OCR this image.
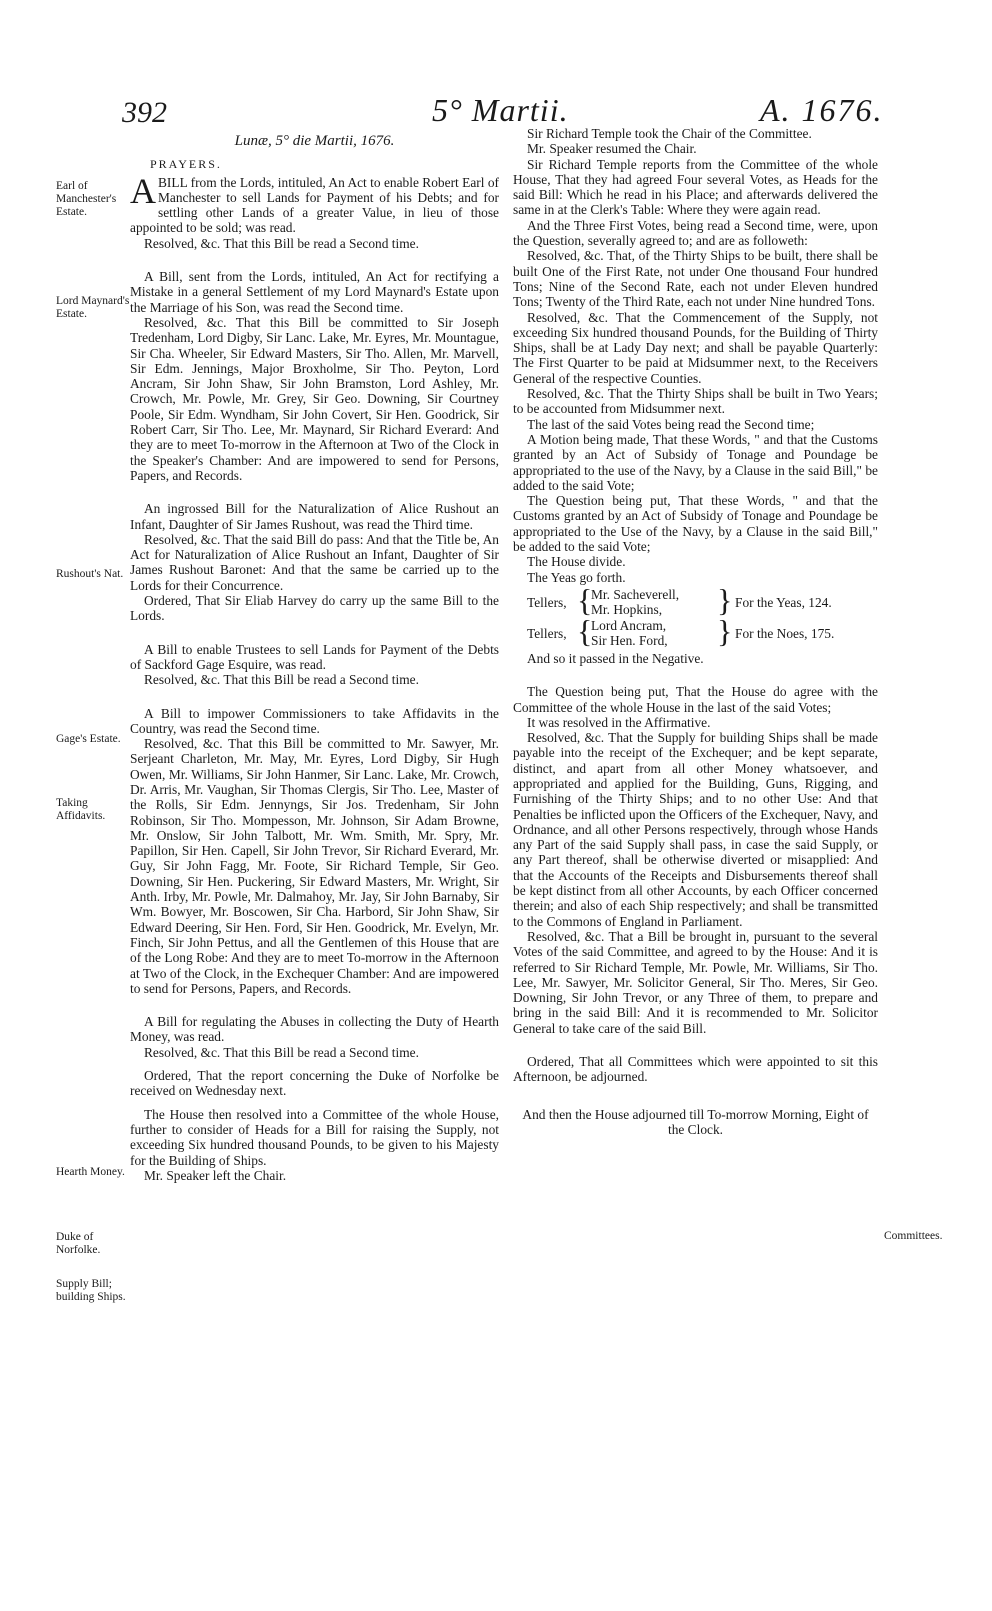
392	5° Martii.	A. 1676.
Earl of Manchester's Estate.
Lord Maynard's Estate.
Rushout's Nat.
Gage's Estate.
Taking Affidavits.
Hearth Money.
Duke of Norfolke.
Supply Bill; building Ships.
Committees.

Lunæ, 5° die Martii, 1676.

PRAYERS.

ABILL from the Lords, intituled, An Act to enable Robert Earl of Manchester to sell Lands for Payment of his Debts; and for settling other Lands of a greater Value, in lieu of those appointed to be sold; was read.

Resolved, &c. That this Bill be read a Second time.

A Bill, sent from the Lords, intituled, An Act for rectifying a Mistake in a general Settlement of my Lord Maynard's Estate upon the Marriage of his Son, was read the Second time.

Resolved, &c. That this Bill be committed to Sir Joseph Tredenham, Lord Digby, Sir Lanc. Lake, Mr. Eyres, Mr. Mountague, Sir Cha. Wheeler, Sir Edward Masters, Sir Tho. Allen, Mr. Marvell, Sir Edm. Jennings, Major Broxholme, Sir Tho. Peyton, Lord Ancram, Sir John Shaw, Sir John Bramston, Lord Ashley, Mr. Crowch, Mr. Powle, Mr. Grey, Sir Geo. Downing, Sir Courtney Poole, Sir Edm. Wyndham, Sir John Covert, Sir Hen. Goodrick, Sir Robert Carr, Sir Tho. Lee, Mr. Maynard, Sir Richard Everard: And they are to meet To-morrow in the Afternoon at Two of the Clock in the Speaker's Chamber: And are impowered to send for Persons, Papers, and Records.

An ingrossed Bill for the Naturalization of Alice Rushout an Infant, Daughter of Sir James Rushout, was read the Third time.

Resolved, &c. That the said Bill do pass: And that the Title be, An Act for Naturalization of Alice Rushout an Infant, Daughter of Sir James Rushout Baronet: And that the same be carried up to the Lords for their Concurrence.

Ordered, That Sir Eliab Harvey do carry up the same Bill to the Lords.

A Bill to enable Trustees to sell Lands for Payment of the Debts of Sackford Gage Esquire, was read.

Resolved, &c. That this Bill be read a Second time.

A Bill to impower Commissioners to take Affidavits in the Country, was read the Second time.

Resolved, &c. That this Bill be committed to Mr. Sawyer, Mr. Serjeant Charleton, Mr. May, Mr. Eyres, Lord Digby, Sir Hugh Owen, Mr. Williams, Sir John Hanmer, Sir Lanc. Lake, Mr. Crowch, Dr. Arris, Mr. Vaughan, Sir Thomas Clergis, Sir Tho. Lee, Master of the Rolls, Sir Edm. Jennyngs, Sir Jos. Tredenham, Sir John Robinson, Sir Tho. Mompesson, Mr. Johnson, Sir Adam Browne, Mr. Onslow, Sir John Talbott, Mr. Wm. Smith, Mr. Spry, Mr. Papillon, Sir Hen. Capell, Sir John Trevor, Sir Richard Everard, Mr. Guy, Sir John Fagg, Mr. Foote, Sir Richard Temple, Sir Geo. Downing, Sir Hen. Puckering, Sir Edward Masters, Mr. Wright, Sir Anth. Irby, Mr. Powle, Mr. Dalmahoy, Mr. Jay, Sir John Barnaby, Sir Wm. Bowyer, Mr. Boscowen, Sir Cha. Harbord, Sir John Shaw, Sir Edward Deering, Sir Hen. Ford, Sir Hen. Goodrick, Mr. Evelyn, Mr. Finch, Sir John Pettus, and all the Gentlemen of this House that are of the Long Robe: And they are to meet To-morrow in the Afternoon at Two of the Clock, in the Exchequer Chamber: And are impowered to send for Persons, Papers, and Records.

A Bill for regulating the Abuses in collecting the Duty of Hearth Money, was read.

Resolved, &c. That this Bill be read a Second time.

Ordered, That the report concerning the Duke of Norfolke be received on Wednesday next.

The House then resolved into a Committee of the whole House, further to consider of Heads for a Bill for raising the Supply, not exceeding Six hundred thousand Pounds, to be given to his Majesty for the Building of Ships.

Mr. Speaker left the Chair.

Sir Richard Temple took the Chair of the Committee.

Mr. Speaker resumed the Chair.

Sir Richard Temple reports from the Committee of the whole House, That they had agreed Four several Votes, as Heads for the said Bill: Which he read in his Place; and afterwards delivered the same in at the Clerk's Table: Where they were again read.

And the Three First Votes, being read a Second time, were, upon the Question, severally agreed to; and are as followeth:

Resolved, &c. That, of the Thirty Ships to be built, there shall be built One of the First Rate, not under One thousand Four hundred Tons; Nine of the Second Rate, each not under Eleven hundred Tons; Twenty of the Third Rate, each not under Nine hundred Tons.

Resolved, &c. That the Commencement of the Supply, not exceeding Six hundred thousand Pounds, for the Building of Thirty Ships, shall be at Lady Day next; and shall be payable Quarterly: The First Quarter to be paid at Midsummer next, to the Receivers General of the respective Counties.

Resolved, &c. That the Thirty Ships shall be built in Two Years; to be accounted from Midsummer next.

The last of the said Votes being read the Second time;

A Motion being made, That these Words, " and that the Customs granted by an Act of Subsidy of Tonage and Poundage be appropriated to the use of the Navy, by a Clause in the said Bill," be added to the said Vote;

The Question being put, That these Words, " and that the Customs granted by an Act of Subsidy of Tonage and Poundage be appropriated to the Use of the Navy, by a Clause in the said Bill," be added to the said Vote;

The House divide.

The Yeas go forth.

Tellers, {
Mr. Sacheverell,
Mr. Hopkins, } For the Yeas, 124.
Tellers, {
Lord Ancram,
Sir Hen. Ford, } For the Noes, 175.

And so it passed in the Negative.

The Question being put, That the House do agree with the Committee of the whole House in the last of the said Votes;

It was resolved in the Affirmative.

Resolved, &c. That the Supply for building Ships shall be made payable into the receipt of the Exchequer; and be kept separate, distinct, and apart from all other Money whatsoever, and appropriated and applied for the Building, Guns, Rigging, and Furnishing of the Thirty Ships; and to no other Use: And that Penalties be inflicted upon the Officers of the Exchequer, Navy, and Ordnance, and all other Persons respectively, through whose Hands any Part of the said Supply shall pass, in case the said Supply, or any Part thereof, shall be otherwise diverted or misapplied: And that the Accounts of the Receipts and Disbursements thereof shall be kept distinct from all other Accounts, by each Officer concerned therein; and also of each Ship respectively; and shall be transmitted to the Commons of England in Parliament.

Resolved, &c. That a Bill be brought in, pursuant to the several Votes of the said Committee, and agreed to by the House: And it is referred to Sir Richard Temple, Mr. Powle, Mr. Williams, Sir Tho. Lee, Mr. Sawyer, Mr. Solicitor General, Sir Tho. Meres, Sir Geo. Downing, Sir John Trevor, or any Three of them, to prepare and bring in the said Bill: And it is recommended to Mr. Solicitor General to take care of the said Bill.

Ordered, That all Committees which were appointed to sit this Afternoon, be adjourned.

And then the House adjourned till To-morrow Morning, Eight of the Clock.
